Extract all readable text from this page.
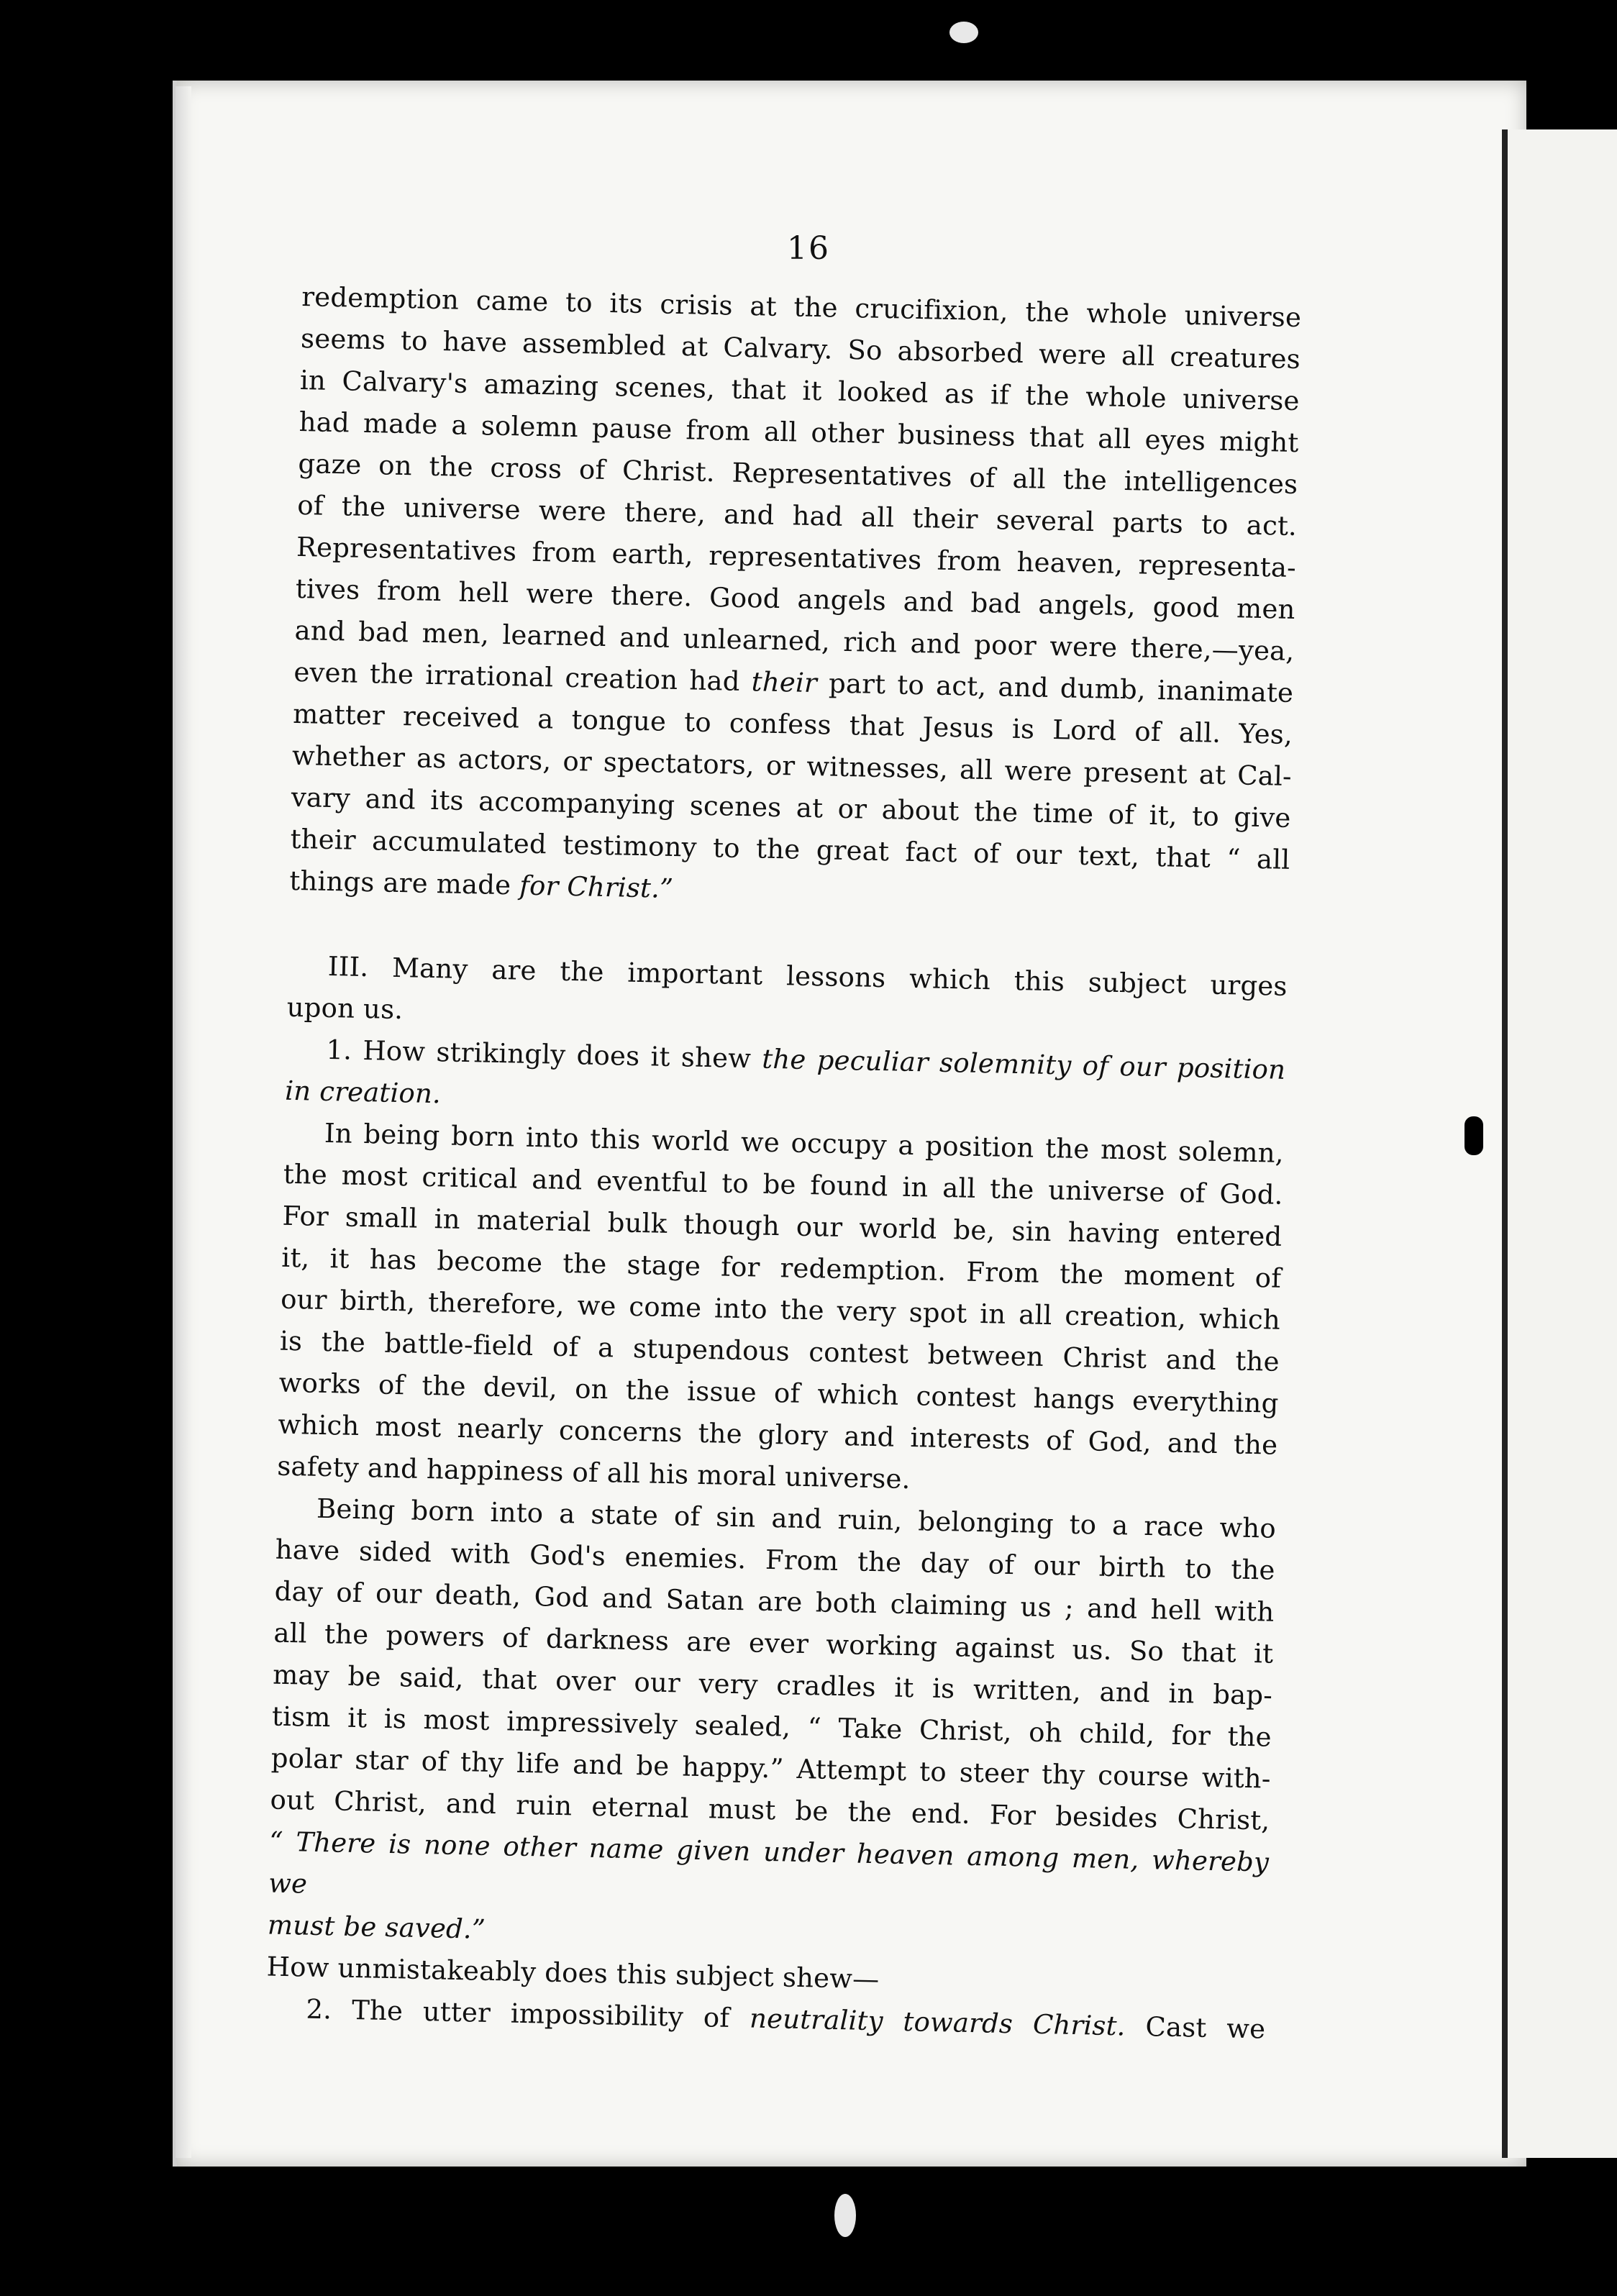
16

redemption came to its crisis at the crucifixion, the whole universe

seems to have assembled at Calvary. So absorbed were all creatures

in Calvary's amazing scenes, that it looked as if the whole universe

had made a solemn pause from all other business that all eyes might

gaze on the cross of Christ. Representatives of all the intelligences

of the universe were there, and had all their several parts to act.

Representatives from earth, representatives from heaven, representa-

tives from hell were there. Good angels and bad angels, good men

and bad men, learned and unlearned, rich and poor were there,—yea,

even the irrational creation had their part to act, and dumb, inanimate

matter received a tongue to confess that Jesus is Lord of all. Yes,

whether as actors, or spectators, or witnesses, all were present at Cal-

vary and its accompanying scenes at or about the time of it, to give

their accumulated testimony to the great fact of our text, that “ all

things are made for Christ.”

III. Many are the important lessons which this subject urges

upon us.

1. How strikingly does it shew the peculiar solemnity of our position

in creation.

In being born into this world we occupy a position the most solemn,

the most critical and eventful to be found in all the universe of God.

For small in material bulk though our world be, sin having entered

it, it has become the stage for redemption. From the moment of

our birth, therefore, we come into the very spot in all creation, which

is the battle-field of a stupendous contest between Christ and the

works of the devil, on the issue of which contest hangs everything

which most nearly concerns the glory and interests of God, and the

safety and happiness of all his moral universe.

Being born into a state of sin and ruin, belonging to a race who

have sided with God's enemies. From the day of our birth to the

day of our death, God and Satan are both claiming us ; and hell with

all the powers of darkness are ever working against us. So that it

may be said, that over our very cradles it is written, and in bap-

tism it is most impressively sealed, “ Take Christ, oh child, for the

polar star of thy life and be happy.” Attempt to steer thy course with-

out Christ, and ruin eternal must be the end. For besides Christ,

“ There is none other name given under heaven among men, whereby we

must be saved.”

How unmistakeably does this subject shew—

2. The utter impossibility of neutrality towards Christ. Cast we
